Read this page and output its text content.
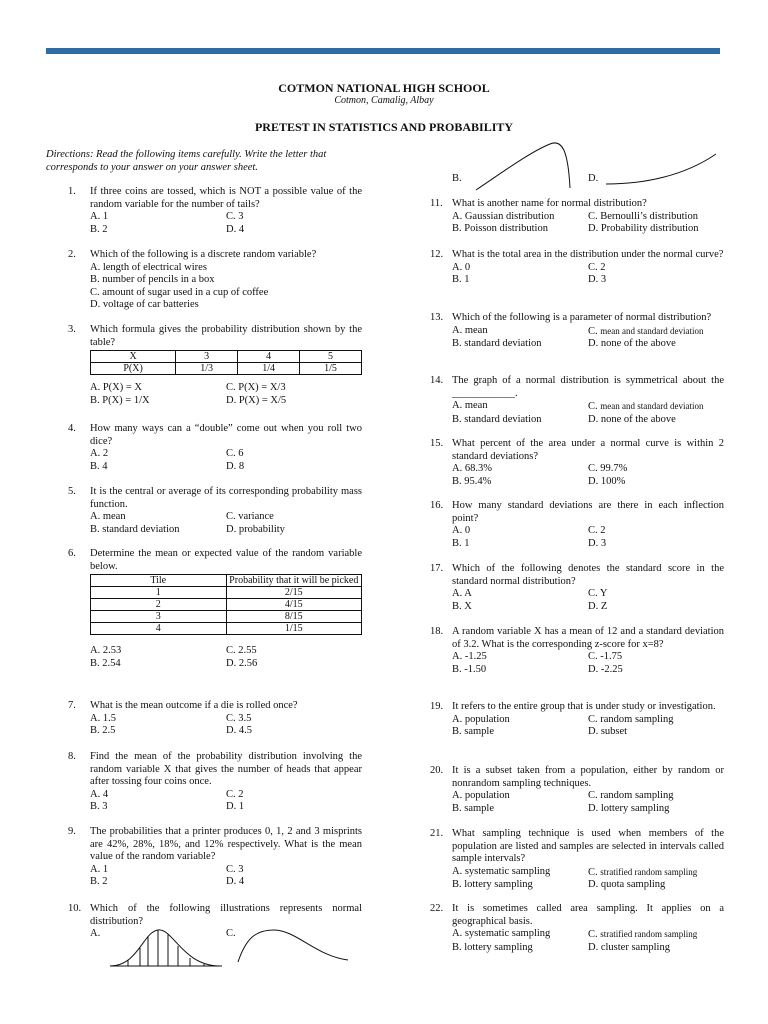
COTMON NATIONAL HIGH SCHOOL
Cotmon, Camalig, Albay
PRETEST IN STATISTICS AND PROBABILITY
Directions: Read the following items carefully. Write the letter that corresponds to your answer on your answer sheet.
1. If three coins are tossed, which is NOT a possible value of the random variable for the number of tails?
A. 1	C. 3
B. 2	D. 4
2. Which of the following is a discrete random variable?
A. length of electrical wires
B. number of pencils in a box
C. amount of sugar used in a cup of coffee
D. voltage of car batteries
3. Which formula gives the probability distribution shown by the table?
X	3	4	5
P(X)	1/3	1/4	1/5
A. P(X) = X	C. P(X) = X/3
B. P(X) = 1/X	D. P(X) = X/5
4. How many ways can a “double” come out when you roll two dice?
A. 2	C. 6
B. 4	D. 8
5. It is the central or average of its corresponding probability mass function.
A. mean	C. variance
B. standard deviation	D. probability
6. Determine the mean or expected value of the random variable below.
Tile	Probability that it will be picked
1	2/15
2	4/15
3	8/15
4	1/15
A. 2.53	C. 2.55
B. 2.54	D. 2.56
7. What is the mean outcome if a die is rolled once?
A. 1.5	C. 3.5
B. 2.5	D. 4.5
8. Find the mean of the probability distribution involving the random variable X that gives the number of heads that appear after tossing four coins once.
A. 4	C. 2
B. 3	D. 1
9. The probabilities that a printer produces 0, 1, 2 and 3 misprints are 42%, 28%, 18%, and 12% respectively. What is the mean value of the random variable?
A. 1	C. 3
B. 2	D. 4
10. Which of the following illustrations represents normal distribution?
A.	C.
B.	D.
11. What is another name for normal distribution?
A. Gaussian distribution	C. Bernoulli’s distribution
B. Poisson distribution	D. Probability distribution
12. What is the total area in the distribution under the normal curve?
A. 0	C. 2
B. 1	D. 3
13. Which of the following is a parameter of normal distribution?
A. mean	C. mean and standard deviation
B. standard deviation	D. none of the above
14. The graph of a normal distribution is symmetrical about the ____________.
A. mean	C. mean and standard deviation
B. standard deviation	D. none of the above
15. What percent of the area under a normal curve is within 2 standard deviations?
A. 68.3%	C. 99.7%
B. 95.4%	D. 100%
16. How many standard deviations are there in each inflection point?
A. 0	C. 2
B. 1	D. 3
17. Which of the following denotes the standard score in the standard normal distribution?
A. A	C. Y
B. X	D. Z
18. A random variable X has a mean of 12 and a standard deviation of 3.2. What is the corresponding z-score for x=8?
A. -1.25	C. -1.75
B. -1.50	D. -2.25
19. It refers to the entire group that is under study or investigation.
A. population	C. random sampling
B. sample	D. subset
20. It is a subset taken from a population, either by random or nonrandom sampling techniques.
A. population	C. random sampling
B. sample	D. lottery sampling
21. What sampling technique is used when members of the population are listed and samples are selected in intervals called sample intervals?
A. systematic sampling	C. stratified random sampling
B. lottery sampling	D. quota sampling
22. It is sometimes called area sampling. It applies on a geographical basis.
A. systematic sampling	C. stratified random sampling
B. lottery sampling	D. cluster sampling
